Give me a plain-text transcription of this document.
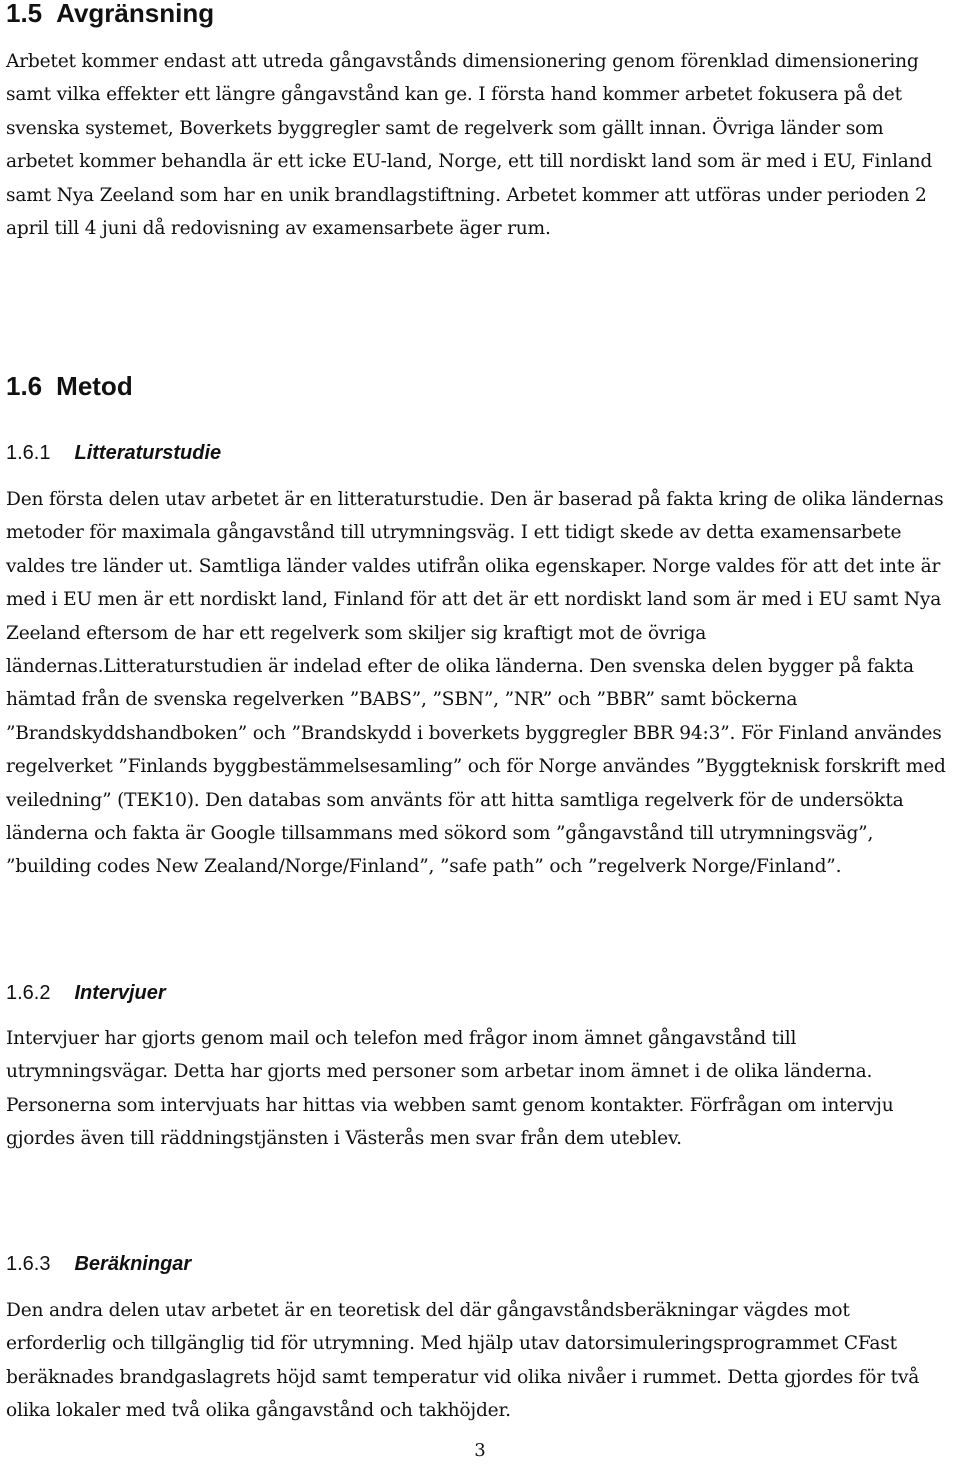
1.5 Avgränsning

Arbetet kommer endast att utreda gångavstånds dimensionering genom förenklad dimensionering samt vilka effekter ett längre gångavstånd kan ge. I första hand kommer arbetet fokusera på det svenska systemet, Boverkets byggregler samt de regelverk som gällt innan. Övriga länder som arbetet kommer behandla är ett icke EU-land, Norge, ett till nordiskt land som är med i EU, Finland samt Nya Zeeland som har en unik brandlagstiftning. Arbetet kommer att utföras under perioden 2 april till 4 juni då redovisning av examensarbete äger rum.

1.6 Metod
1.6.1 Litteraturstudie

Den första delen utav arbetet är en litteraturstudie. Den är baserad på fakta kring de olika ländernas metoder för maximala gångavstånd till utrymningsväg. I ett tidigt skede av detta examensarbete valdes tre länder ut. Samtliga länder valdes utifrån olika egenskaper. Norge valdes för att det inte är med i EU men är ett nordiskt land, Finland för att det är ett nordiskt land som är med i EU samt Nya Zeeland eftersom de har ett regelverk som skiljer sig kraftigt mot de övriga ländernas.Litteraturstudien är indelad efter de olika länderna. Den svenska delen bygger på fakta hämtad från de svenska regelverken ”BABS”, ”SBN”, ”NR” och ”BBR” samt böckerna ”Brandskyddshandboken” och ”Brandskydd i boverkets byggregler BBR 94:3”. För Finland användes regelverket ”Finlands byggbestämmelsesamling” och för Norge användes ”Byggteknisk forskrift med veiledning” (TEK10). Den databas som använts för att hitta samtliga regelverk för de undersökta länderna och fakta är Google tillsammans med sökord som ”gångavstånd till utrymningsväg”, ”building codes New Zealand/Norge/Finland”, ”safe path” och ”regelverk Norge/Finland”.

1.6.2 Intervjuer

Intervjuer har gjorts genom mail och telefon med frågor inom ämnet gångavstånd till utrymningsvägar. Detta har gjorts med personer som arbetar inom ämnet i de olika länderna. Personerna som intervjuats har hittas via webben samt genom kontakter. Förfrågan om intervju gjordes även till räddningstjänsten i Västerås men svar från dem uteblev.

1.6.3 Beräkningar

Den andra delen utav arbetet är en teoretisk del där gångavståndsberäkningar vägdes mot erforderlig och tillgänglig tid för utrymning. Med hjälp utav datorsimuleringsprogrammet CFast beräknades brandgaslagrets höjd samt temperatur vid olika nivåer i rummet. Detta gjordes för två olika lokaler med två olika gångavstånd och takhöjder.

3
